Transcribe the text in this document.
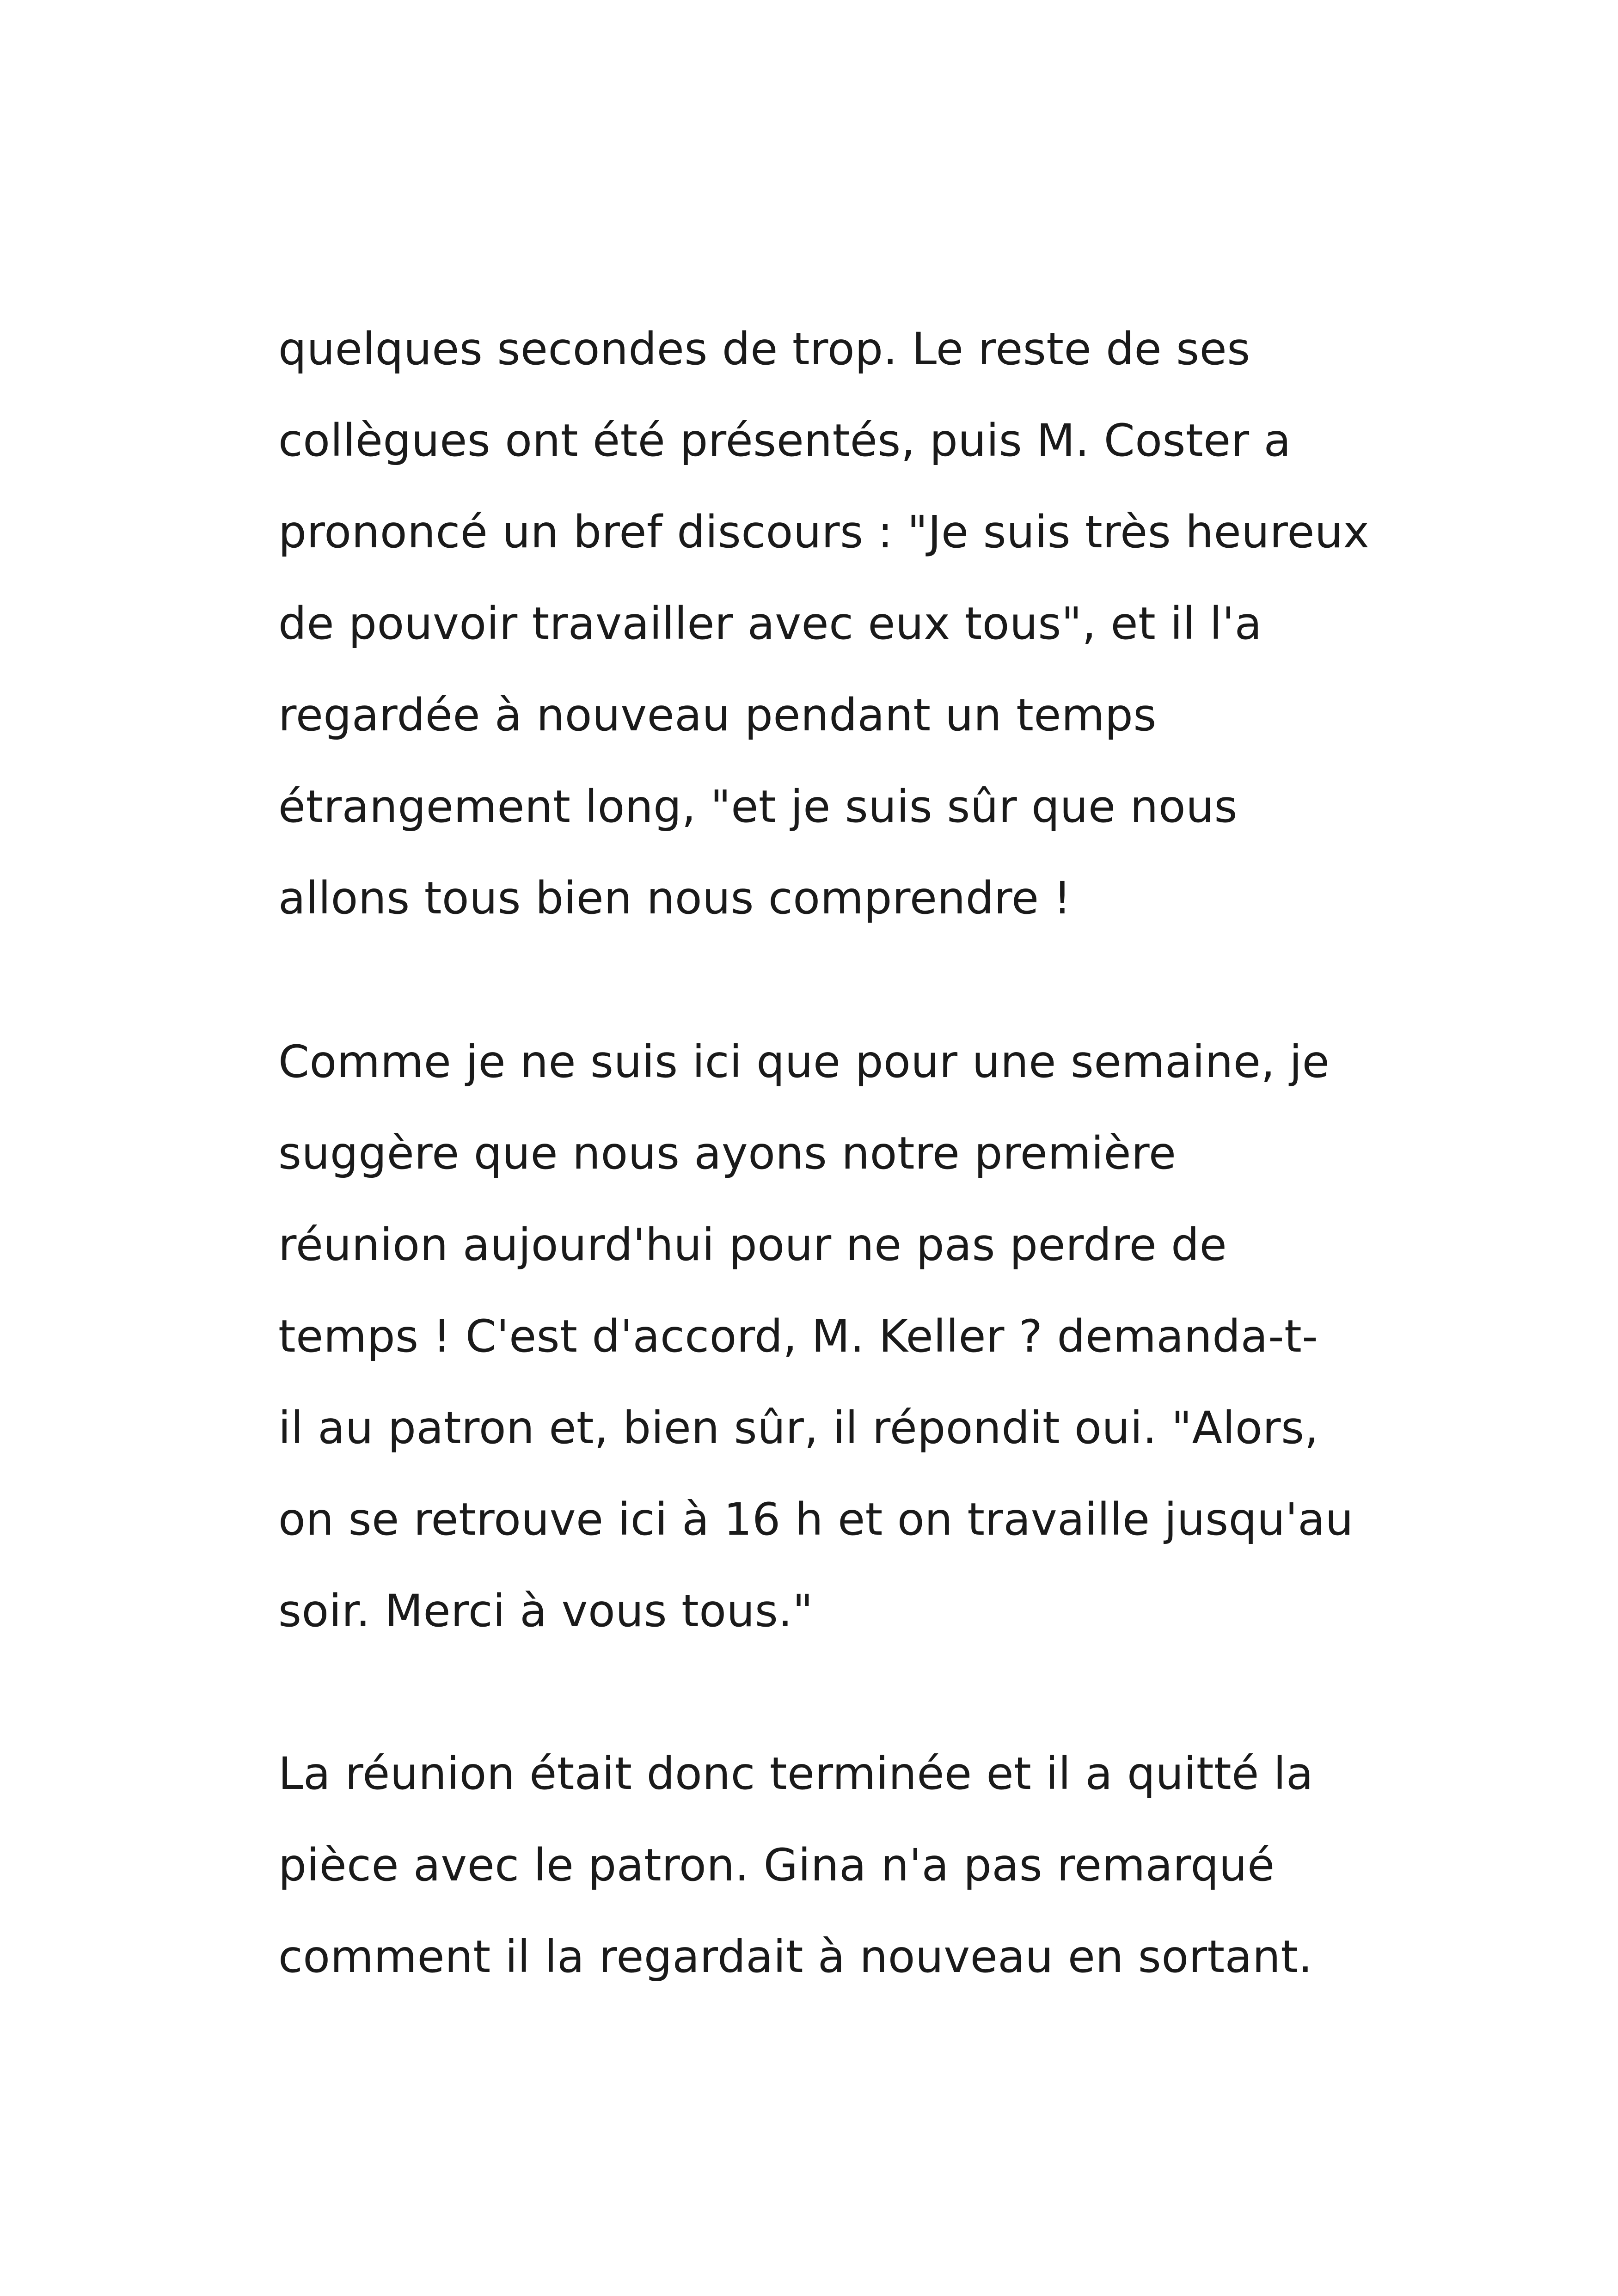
quelques secondes de trop. Le reste de ses
collègues ont été présentés, puis M. Coster a
prononcé un bref discours : "Je suis très heureux
de pouvoir travailler avec eux tous", et il l'a
regardée à nouveau pendant un temps
étrangement long, "et je suis sûr que nous
allons tous bien nous comprendre !
Comme je ne suis ici que pour une semaine, je
suggère que nous ayons notre première
réunion aujourd'hui pour ne pas perdre de
temps ! C'est d'accord, M. Keller ? demanda-t-
il au patron et, bien sûr, il répondit oui. "Alors,
on se retrouve ici à 16 h et on travaille jusqu'au
soir. Merci à vous tous."
La réunion était donc terminée et il a quitté la
pièce avec le patron. Gina n'a pas remarqué
comment il la regardait à nouveau en sortant.
